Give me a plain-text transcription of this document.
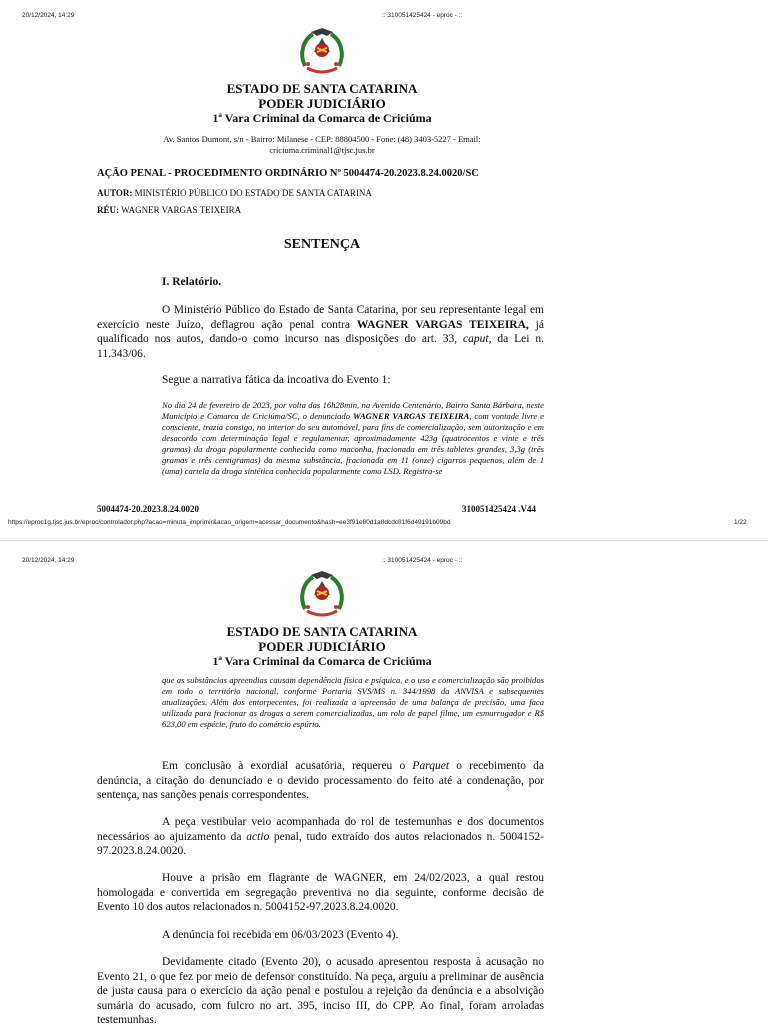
20/12/2024, 14:29	:: 310051425424 - eproc - ::
ESTADO DE SANTA CATARINA
PODER JUDICIÁRIO
1ª Vara Criminal da Comarca de Criciúma
Av. Santos Dumont, s/n - Bairro: Milanese - CEP: 88804500 - Fone: (48) 3403-5227 - Email:
criciuma.criminal1@tjsc.jus.br
AÇÃO PENAL - PROCEDIMENTO ORDINÁRIO Nº 5004474-20.2023.8.24.0020/SC
AUTOR: MINISTÉRIO PÚBLICO DO ESTADO DE SANTA CATARINA
RÉU: WAGNER VARGAS TEIXEIRA
SENTENÇA
I. Relatório.
O Ministério Público do Estado de Santa Catarina, por seu representante legal em exercício neste Juízo, deflagrou ação penal contra WAGNER VARGAS TEIXEIRA, já qualificado nos autos, dando-o como incurso nas disposições do art. 33, caput, da Lei n. 11.343/06.
Segue a narrativa fática da incoativa do Evento 1:
No dia 24 de fevereiro de 2023, por volta das 16h28min, na Avenida Centenário, Bairro Santa Bárbara, neste Município e Comarca de Criciúma/SC, o denunciado WAGNER VARGAS TEIXEIRA, com vontade livre e consciente, trazia consigo, no interior do seu automóvel, para fins de comercialização, sem autorização e em desacordo com determinação legal e regulamentar, aproximadamente 423g (quatrocentos e vinte e três gramas) da droga popularmente conhecida como maconha, fracionada em três tabletes grandes, 3,3g (três gramas e três centigramas) da mesma substância, fracionada em 11 (onze) cigarros pequenos, além de 1 (uma) cartela da droga sintética conhecida popularmente como LSD. Registra-se
5004474-20.2023.8.24.0020	310051425424 .V44
https://eproc1g.tjsc.jus.br/eproc/controlador.php?acao=minuta_imprimir&acao_origem=acessar_documento&hash=ee3f91e80d1a8dcdc81f6d49191b09bd	1/22
20/12/2024, 14:29	:: 310051425424 - eproc - ::
ESTADO DE SANTA CATARINA
PODER JUDICIÁRIO
1ª Vara Criminal da Comarca de Criciúma
que as substâncias apreendias causam dependência física e psíquica, e o uso e comercialização são proibidos em todo o território nacional, conforme Portaria SVS/MS n. 344/1998 da ANVISA e subsequentes atualizações. Além dos entorpecentes, foi realizada a apreensão de uma balança de precisão, uma faca utilizada para fracionar as drogas a serem comercializadas, um rolo de papel filme, um esmurrugador e R$ 623,00 em espécie, fruto do comércio espúrio.
Em conclusão à exordial acusatória, requereu o Parquet o recebimento da denúncia, a citação do denunciado e o devido processamento do feito até a condenação, por sentença, nas sanções penais correspondentes.
A peça vestibular veio acompanhada do rol de testemunhas e dos documentos necessários ao ajuizamento da actio penal, tudo extraído dos autos relacionados n. 5004152-97.2023.8.24.0020.
Houve a prisão em flagrante de WAGNER, em 24/02/2023, a qual restou homologada e convertida em segregação preventiva no dia seguinte, conforme decisão de Evento 10 dos autos relacionados n. 5004152-97.2023.8.24.0020.
A denúncia foi recebida em 06/03/2023 (Evento 4).
Devidamente citado (Evento 20), o acusado apresentou resposta à acusação no Evento 21, o que fez por meio de defensor constituído. Na peça, arguiu a preliminar de ausência de justa causa para o exercício da ação penal e postulou a rejeição da denúncia e a absolvição sumária do acusado, com fulcro no art. 395, inciso III, do CPP. Ao final, foram arroladas testemunhas.
